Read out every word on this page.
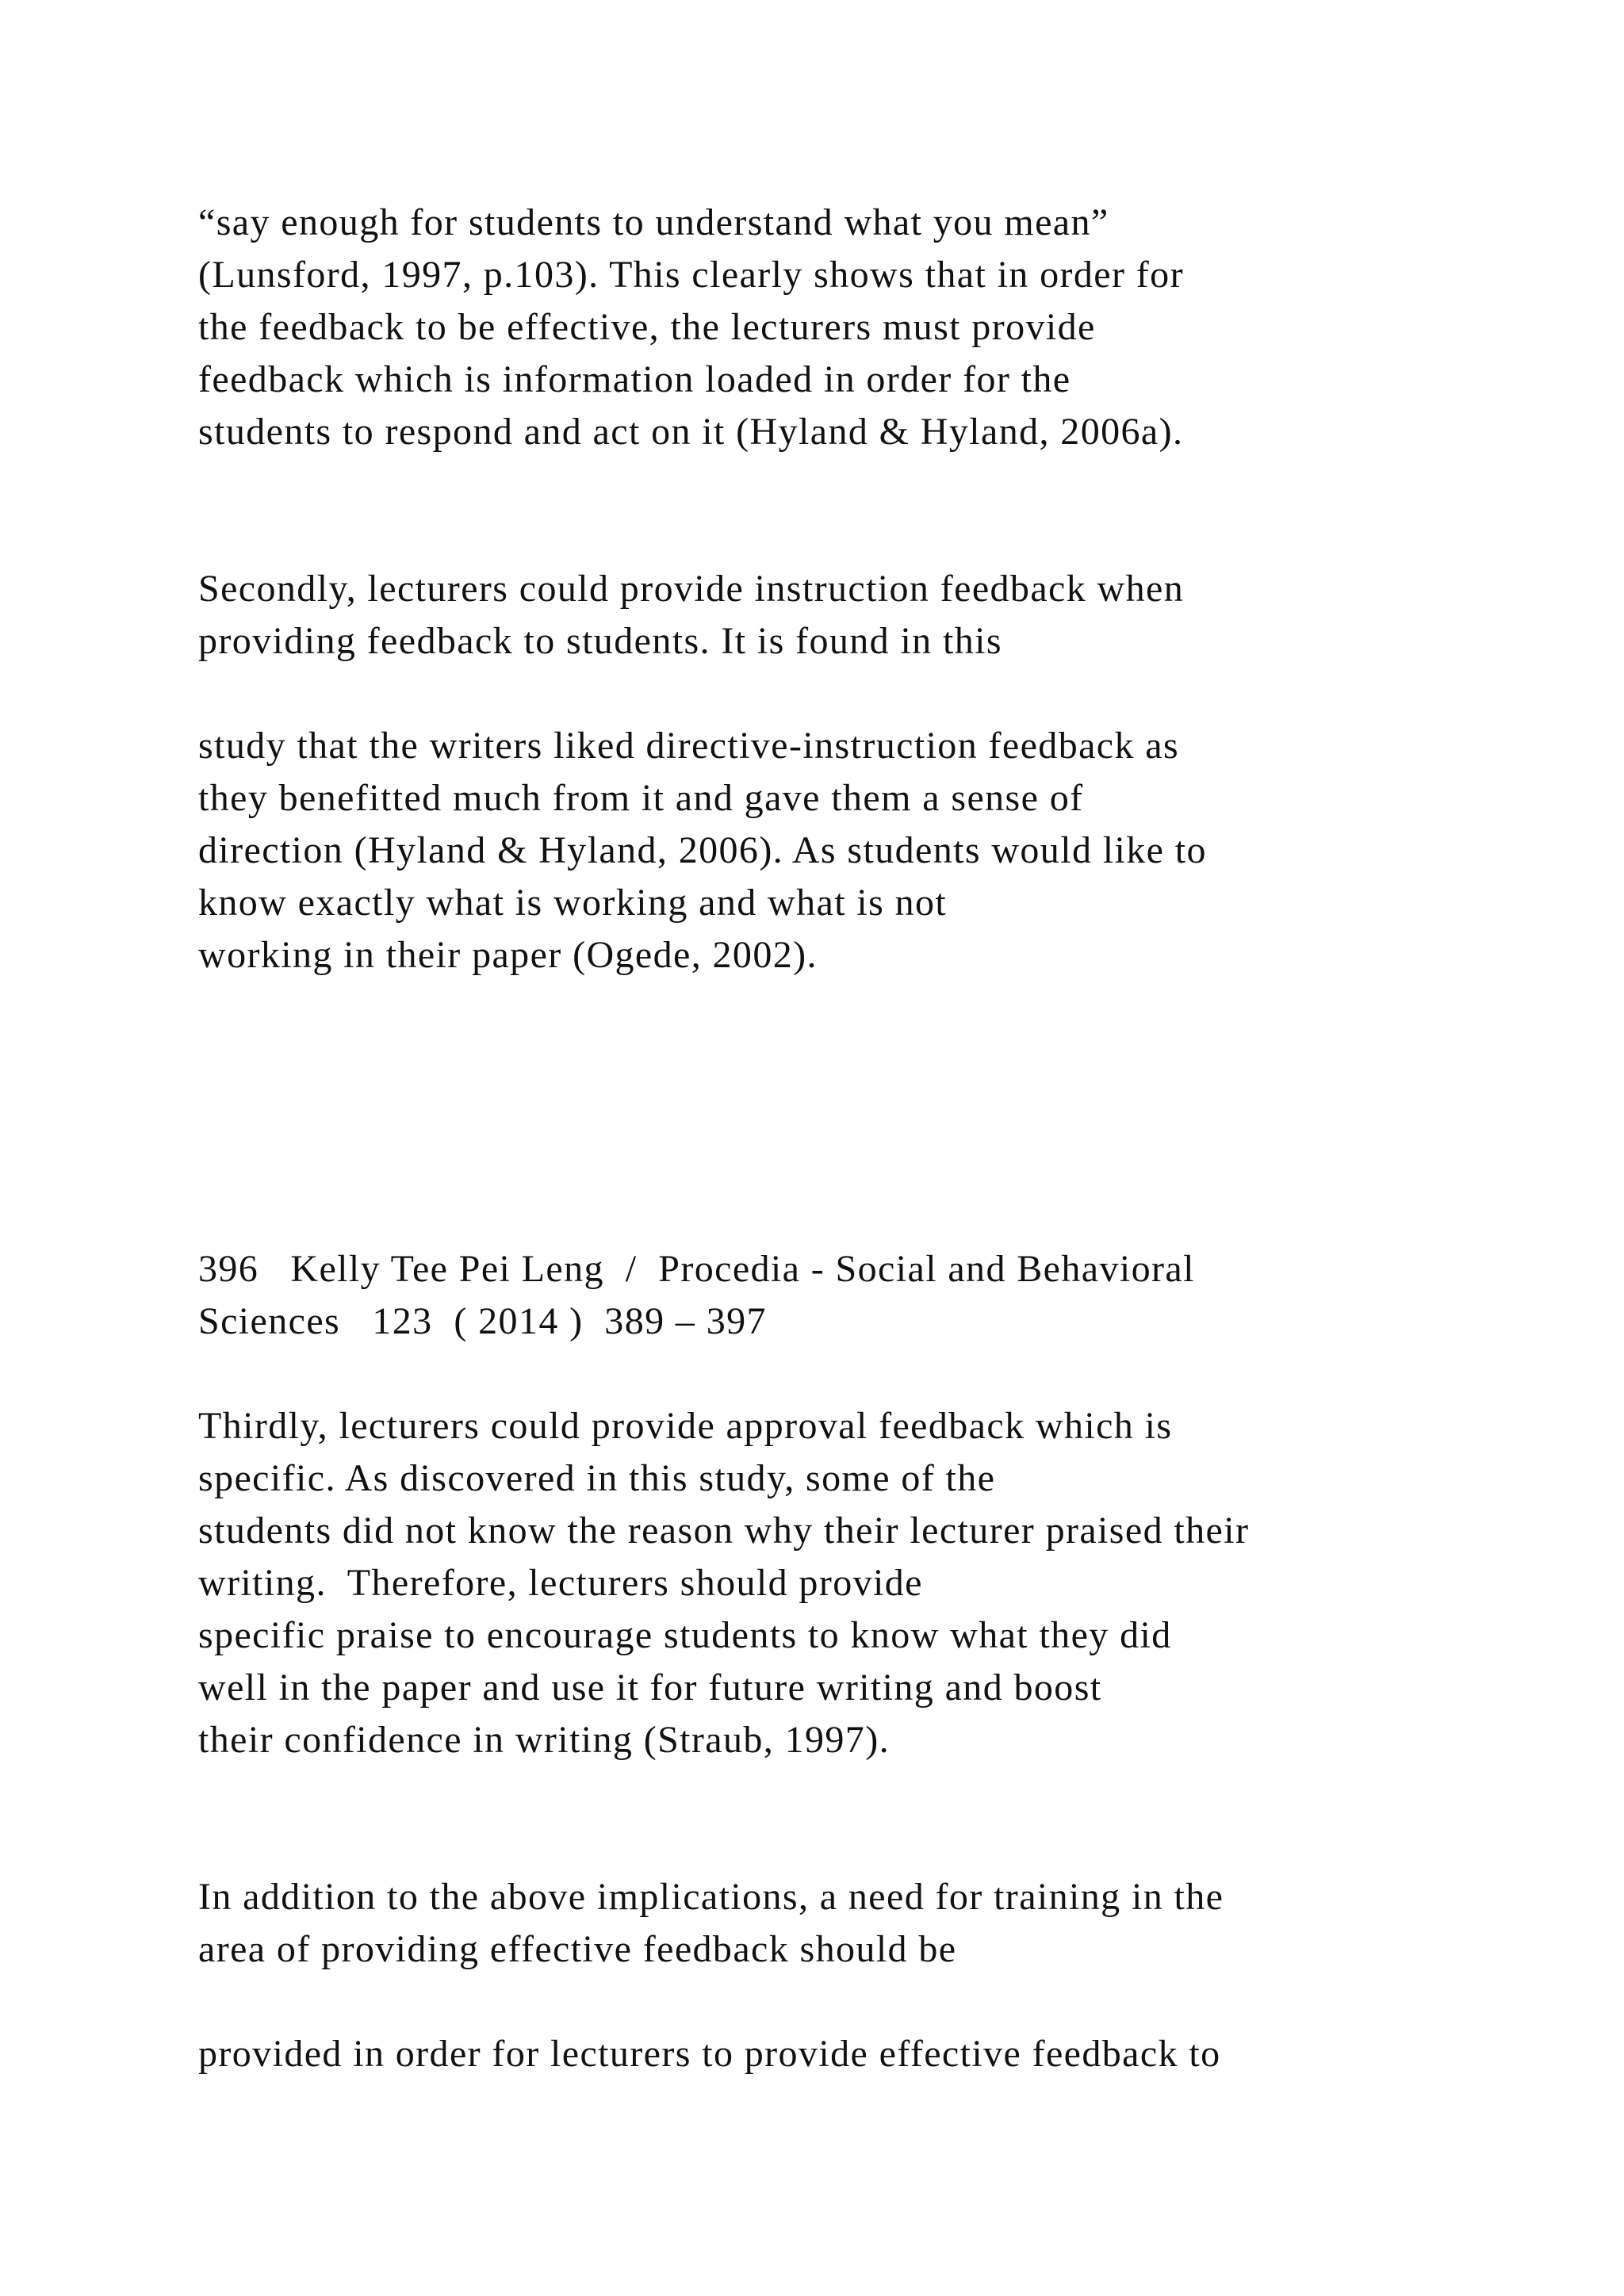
“say enough for students to understand what you mean”
(Lunsford, 1997, p.103). This clearly shows that in order for
the feedback to be effective, the lecturers must provide
feedback which is information loaded in order for the
students to respond and act on it (Hyland & Hyland, 2006a).
Secondly, lecturers could provide instruction feedback when
providing feedback to students. It is found in this
study that the writers liked directive-instruction feedback as
they benefitted much from it and gave them a sense of
direction (Hyland & Hyland, 2006). As students would like to
know exactly what is working and what is not
working in their paper (Ogede, 2002).
396   Kelly Tee Pei Leng  /  Procedia - Social and Behavioral
Sciences   123  ( 2014 )  389 – 397
Thirdly, lecturers could provide approval feedback which is
specific. As discovered in this study, some of the
students did not know the reason why their lecturer praised their
writing.  Therefore, lecturers should provide
specific praise to encourage students to know what they did
well in the paper and use it for future writing and boost
their confidence in writing (Straub, 1997).
In addition to the above implications, a need for training in the
area of providing effective feedback should be
provided in order for lecturers to provide effective feedback to
